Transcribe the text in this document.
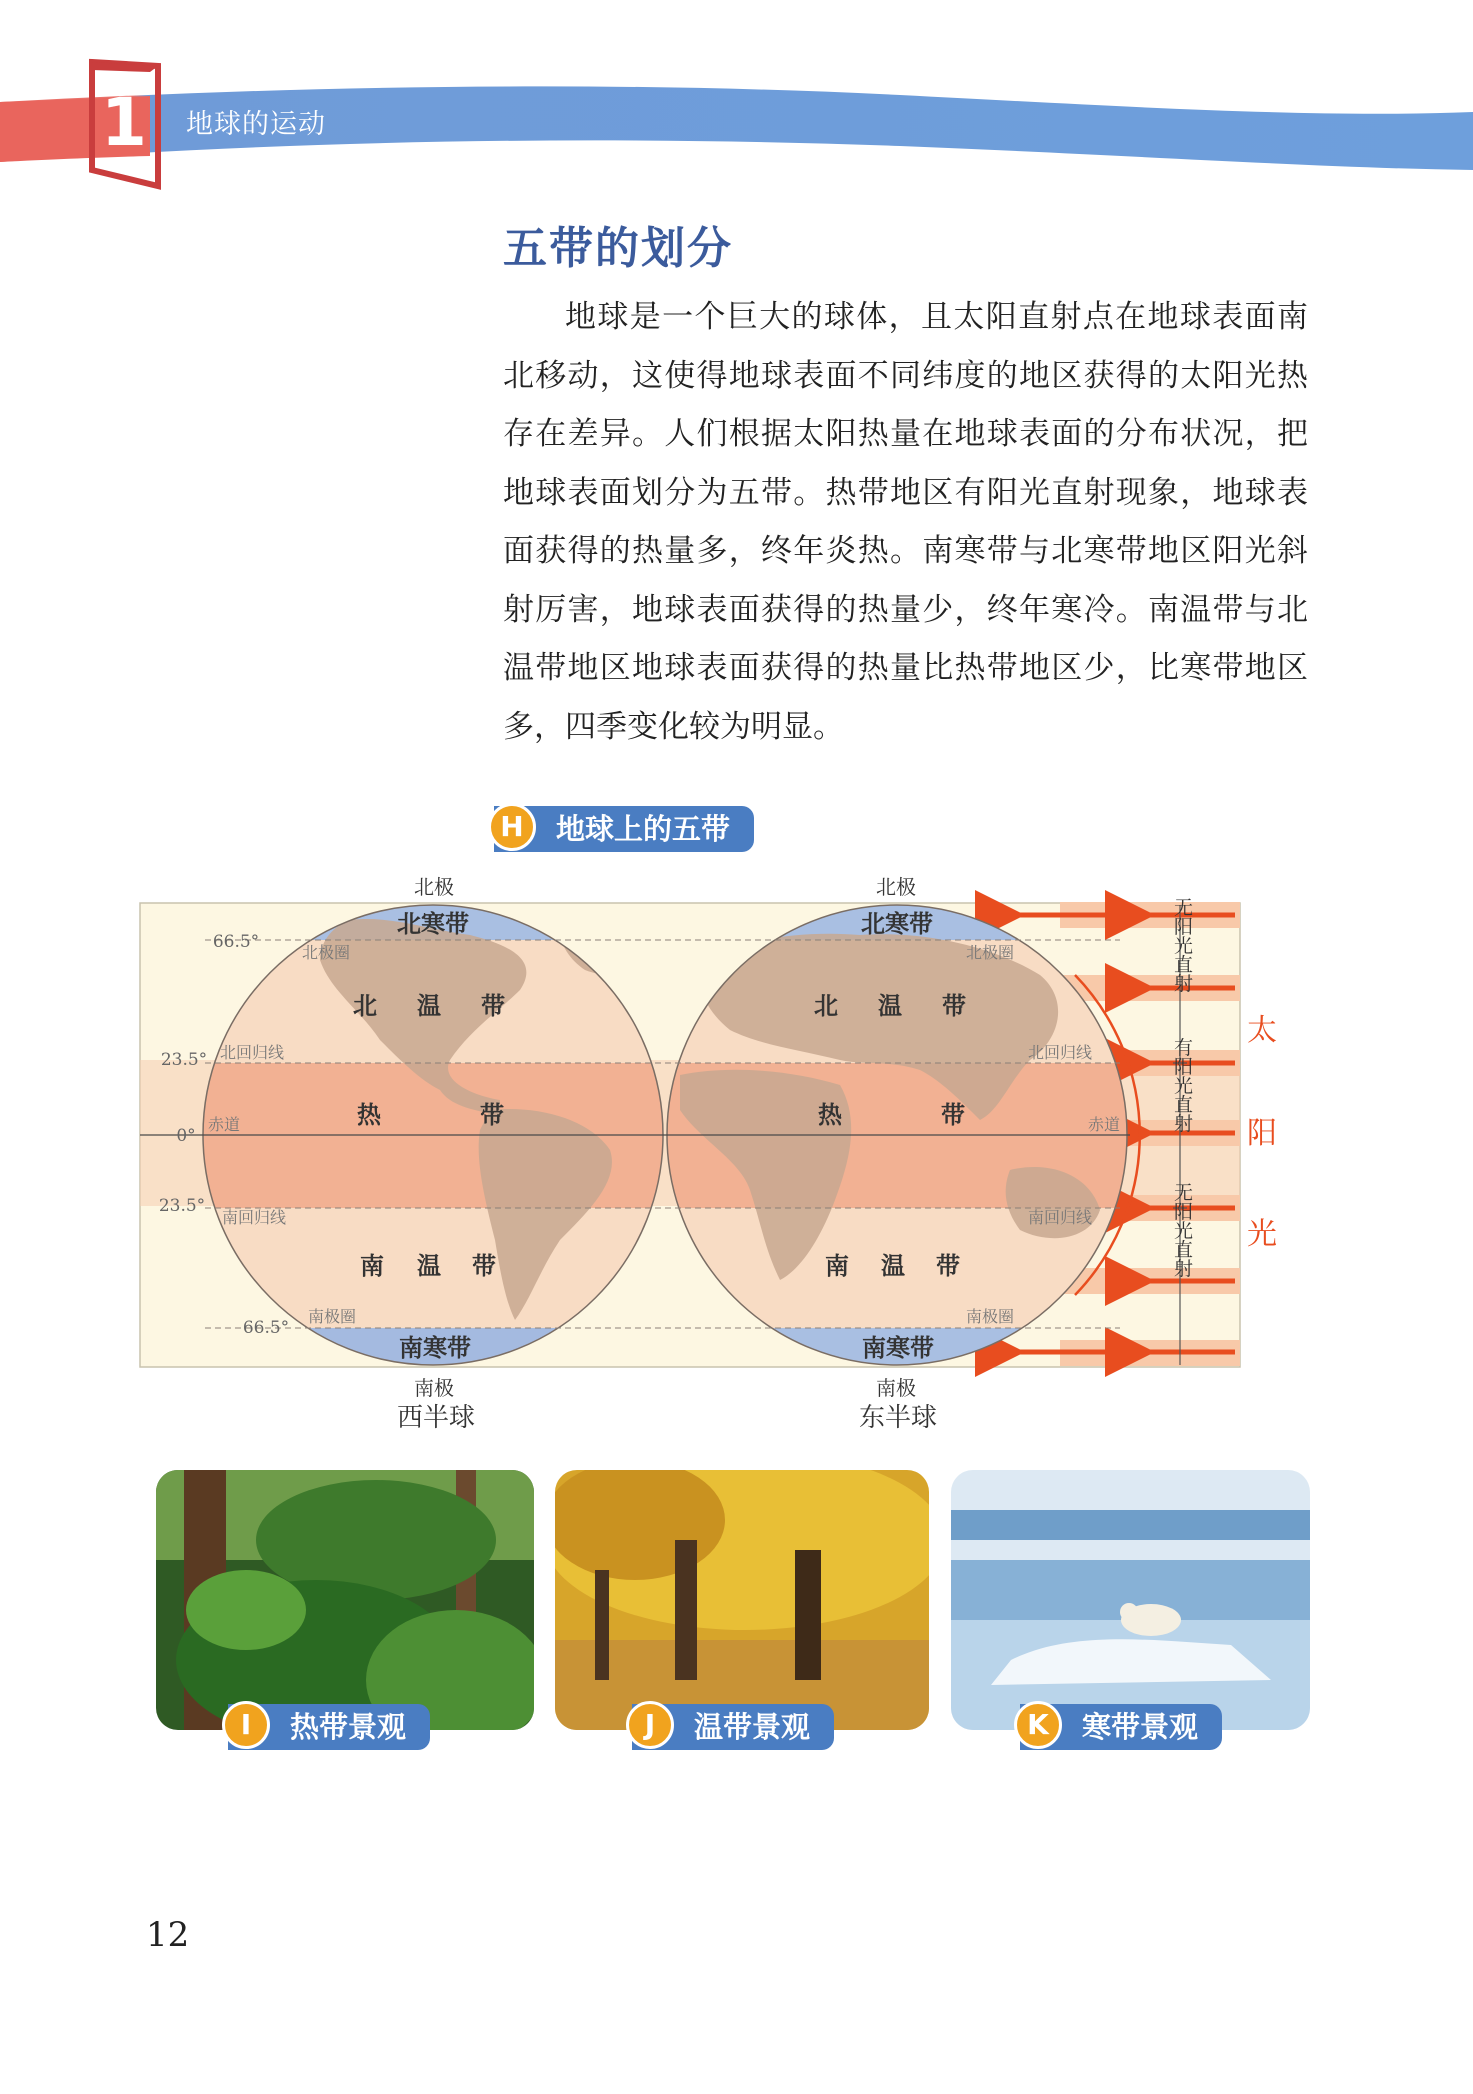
1 地球的运动
五带的划分

地球是一个巨大的球体，且太阳直射点在地球表面南北移动，这使得地球表面不同纬度的地区获得的太阳光热存在差异。人们根据太阳热量在地球表面的分布状况，把地球表面划分为五带。热带地区有阳光直射现象，地球表面获得的热量多，终年炎热。南寒带与北寒带地区阳光斜射厉害，地球表面获得的热量少，终年寒冷。南温带与北温带地区地球表面获得的热量比热带地区少，比寒带地区多，四季变化较为明显。

H	地球上的五带
66.5°
23.5°
0°
23.5°
66.5°
北极圈
北回归线
赤道
南回归线
南极圈
北极圈
北回归线
赤道
南回归线
南极圈
北寒带	北寒带
北 温 带	北 温 带
热	带	热	带
南 温 带	南 温 带
南寒带	南寒带
无阳光直射
有阳光直射
无阳光直射
太
阳
光
北极	北极
南极	南极
西半球	东半球
I	热带景观	J	温带景观	K	寒带景观
12
